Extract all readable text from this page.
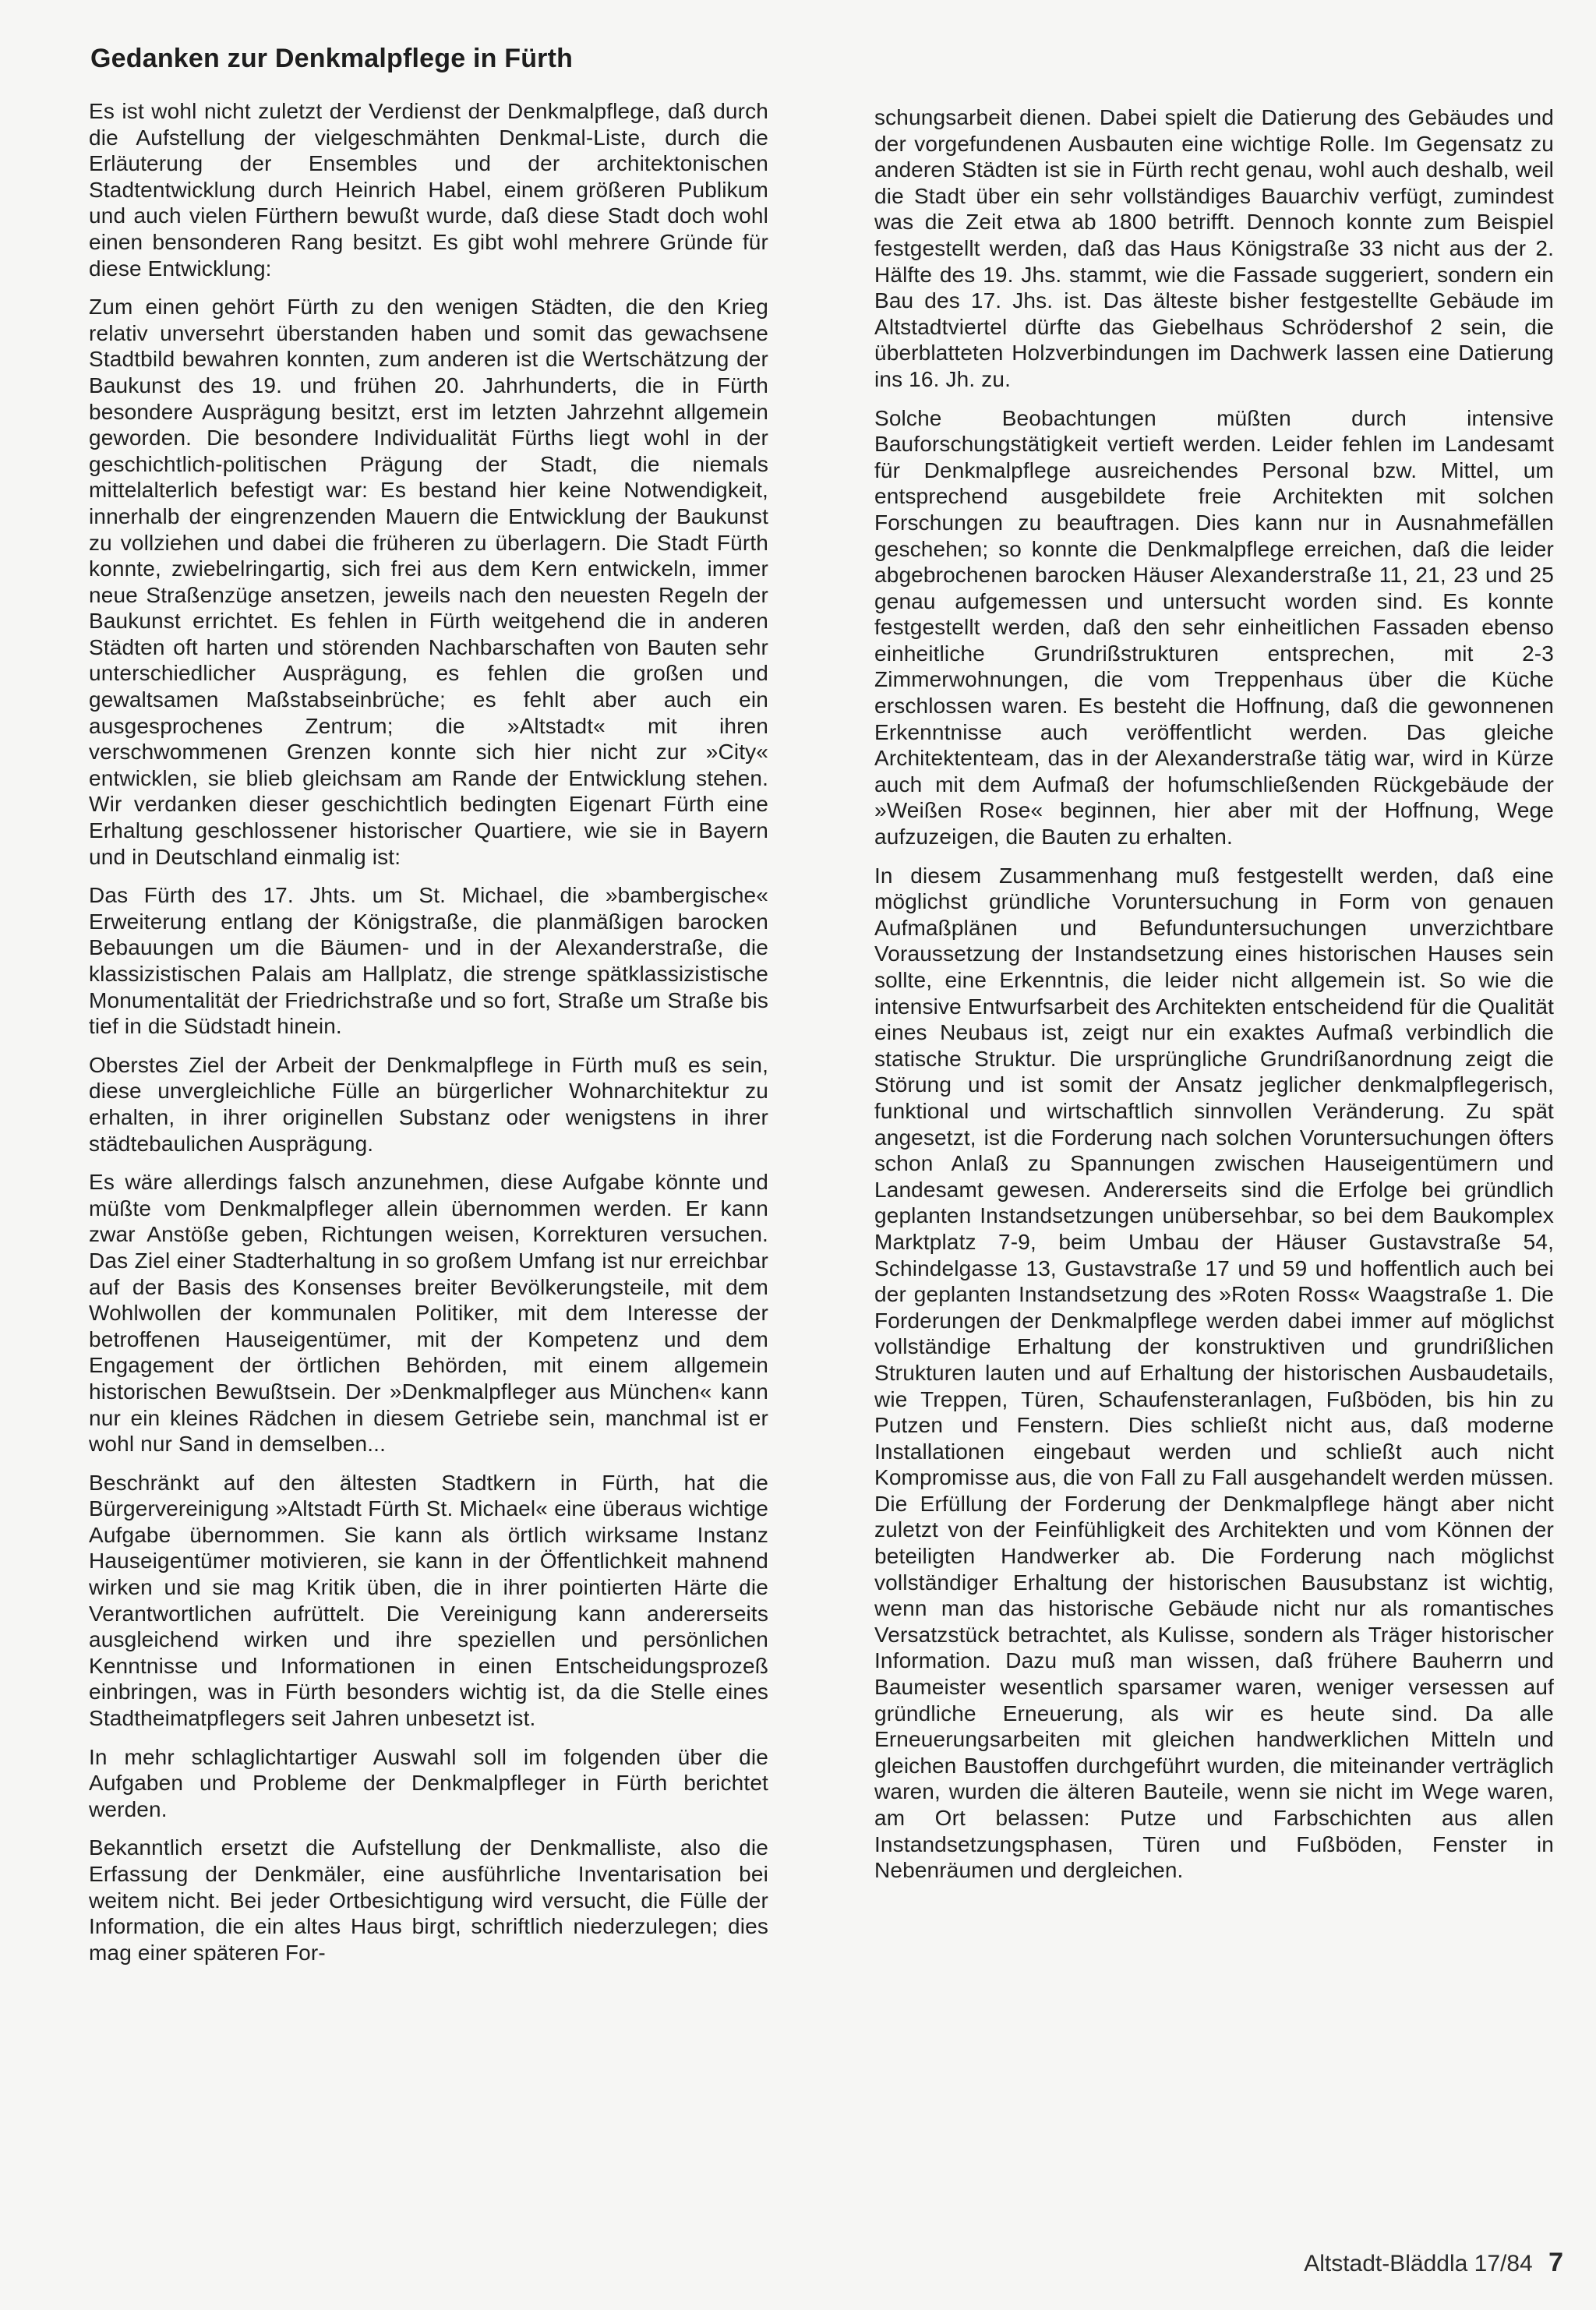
Gedanken zur Denkmalpflege in Fürth

Es ist wohl nicht zuletzt der Verdienst der Denkmalpflege, daß durch die Aufstellung der vielgeschmähten Denkmal-Liste, durch die Erläuterung der Ensembles und der architektonischen Stadtentwicklung durch Heinrich Habel, einem größeren Publikum und auch vielen Fürthern bewußt wurde, daß diese Stadt doch wohl einen bensonderen Rang besitzt. Es gibt wohl mehrere Gründe für diese Entwicklung:

Zum einen gehört Fürth zu den wenigen Städten, die den Krieg relativ unversehrt überstanden haben und somit das gewachsene Stadtbild bewahren konnten, zum anderen ist die Wertschätzung der Baukunst des 19. und frühen 20. Jahrhunderts, die in Fürth besondere Ausprägung besitzt, erst im letzten Jahrzehnt allgemein geworden. Die besondere Individualität Fürths liegt wohl in der geschichtlich-politischen Prägung der Stadt, die niemals mittelalterlich befestigt war: Es bestand hier keine Notwendigkeit, innerhalb der eingrenzenden Mauern die Entwicklung der Baukunst zu vollziehen und dabei die früheren zu überlagern. Die Stadt Fürth konnte, zwiebelringartig, sich frei aus dem Kern entwickeln, immer neue Straßenzüge ansetzen, jeweils nach den neuesten Regeln der Baukunst errichtet. Es fehlen in Fürth weitgehend die in anderen Städten oft harten und störenden Nachbarschaften von Bauten sehr unterschiedlicher Ausprägung, es fehlen die großen und gewaltsamen Maßstabseinbrüche; es fehlt aber auch ein ausgesprochenes Zentrum; die »Altstadt« mit ihren verschwommenen Grenzen konnte sich hier nicht zur »City« entwicklen, sie blieb gleichsam am Rande der Entwicklung stehen. Wir verdanken dieser geschichtlich bedingten Eigenart Fürth eine Erhaltung geschlossener historischer Quartiere, wie sie in Bayern und in Deutschland einmalig ist:

Das Fürth des 17. Jhts. um St. Michael, die »bambergische« Erweiterung entlang der Königstraße, die planmäßigen barocken Bebauungen um die Bäumen- und in der Alexanderstraße, die klassizistischen Palais am Hallplatz, die strenge spätklassizistische Monumentalität der Friedrichstraße und so fort, Straße um Straße bis tief in die Südstadt hinein.

Oberstes Ziel der Arbeit der Denkmalpflege in Fürth muß es sein, diese unvergleichliche Fülle an bürgerlicher Wohnarchitektur zu erhalten, in ihrer originellen Substanz oder wenigstens in ihrer städtebaulichen Ausprägung.

Es wäre allerdings falsch anzunehmen, diese Aufgabe könnte und müßte vom Denkmalpfleger allein übernommen werden. Er kann zwar Anstöße geben, Richtungen weisen, Korrekturen versuchen. Das Ziel einer Stadterhaltung in so großem Umfang ist nur erreichbar auf der Basis des Konsenses breiter Bevölkerungsteile, mit dem Wohlwollen der kommunalen Politiker, mit dem Interesse der betroffenen Hauseigentümer, mit der Kompetenz und dem Engagement der örtlichen Behörden, mit einem allgemein historischen Bewußtsein. Der »Denkmalpfleger aus München« kann nur ein kleines Rädchen in diesem Getriebe sein, manchmal ist er wohl nur Sand in demselben...

Beschränkt auf den ältesten Stadtkern in Fürth, hat die Bürgervereinigung »Altstadt Fürth St. Michael« eine überaus wichtige Aufgabe übernommen. Sie kann als örtlich wirksame Instanz Hauseigentümer motivieren, sie kann in der Öffentlichkeit mahnend wirken und sie mag Kritik üben, die in ihrer pointierten Härte die Verantwortlichen aufrüttelt. Die Vereinigung kann andererseits ausgleichend wirken und ihre speziellen und persönlichen Kenntnisse und Informationen in einen Entscheidungsprozeß einbringen, was in Fürth besonders wichtig ist, da die Stelle eines Stadtheimatpflegers seit Jahren unbesetzt ist.

In mehr schlaglichtartiger Auswahl soll im folgenden über die Aufgaben und Probleme der Denkmalpfleger in Fürth berichtet werden.

Bekanntlich ersetzt die Aufstellung der Denkmalliste, also die Erfassung der Denkmäler, eine ausführliche Inventarisation bei weitem nicht. Bei jeder Ortbesichtigung wird versucht, die Fülle der Information, die ein altes Haus birgt, schriftlich niederzulegen; dies mag einer späteren For-

schungsarbeit dienen. Dabei spielt die Datierung des Gebäudes und der vorgefundenen Ausbauten eine wichtige Rolle. Im Gegensatz zu anderen Städten ist sie in Fürth recht genau, wohl auch deshalb, weil die Stadt über ein sehr vollständiges Bauarchiv verfügt, zumindest was die Zeit etwa ab 1800 betrifft. Dennoch konnte zum Beispiel festgestellt werden, daß das Haus Königstraße 33 nicht aus der 2. Hälfte des 19. Jhs. stammt, wie die Fassade suggeriert, sondern ein Bau des 17. Jhs. ist. Das älteste bisher festgestellte Gebäude im Altstadtviertel dürfte das Giebelhaus Schrödershof 2 sein, die überblatteten Holzverbindungen im Dachwerk lassen eine Datierung ins 16. Jh. zu.

Solche Beobachtungen müßten durch intensive Bauforschungstätigkeit vertieft werden. Leider fehlen im Landesamt für Denkmalpflege ausreichendes Personal bzw. Mittel, um entsprechend ausgebildete freie Architekten mit solchen Forschungen zu beauftragen. Dies kann nur in Ausnahmefällen geschehen; so konnte die Denkmalpflege erreichen, daß die leider abgebrochenen barocken Häuser Alexanderstraße 11, 21, 23 und 25 genau aufgemessen und untersucht worden sind. Es konnte festgestellt werden, daß den sehr einheitlichen Fassaden ebenso einheitliche Grundrißstrukturen entsprechen, mit 2-3 Zimmerwohnungen, die vom Treppenhaus über die Küche erschlossen waren. Es besteht die Hoffnung, daß die gewonnenen Erkenntnisse auch veröffentlicht werden. Das gleiche Architektenteam, das in der Alexanderstraße tätig war, wird in Kürze auch mit dem Aufmaß der hofumschließenden Rückgebäude der »Weißen Rose« beginnen, hier aber mit der Hoffnung, Wege aufzuzeigen, die Bauten zu erhalten.

In diesem Zusammenhang muß festgestellt werden, daß eine möglichst gründliche Voruntersuchung in Form von genauen Aufmaßplänen und Befunduntersuchungen unverzichtbare Voraussetzung der Instandsetzung eines historischen Hauses sein sollte, eine Erkenntnis, die leider nicht allgemein ist. So wie die intensive Entwurfsarbeit des Architekten entscheidend für die Qualität eines Neubaus ist, zeigt nur ein exaktes Aufmaß verbindlich die statische Struktur. Die ursprüngliche Grundrißanordnung zeigt die Störung und ist somit der Ansatz jeglicher denkmalpflegerisch, funktional und wirtschaftlich sinnvollen Veränderung. Zu spät angesetzt, ist die Forderung nach solchen Voruntersuchungen öfters schon Anlaß zu Spannungen zwischen Hauseigentümern und Landesamt gewesen. Andererseits sind die Erfolge bei gründlich geplanten Instandsetzungen unübersehbar, so bei dem Baukomplex Marktplatz 7-9, beim Umbau der Häuser Gustavstraße 54, Schindelgasse 13, Gustavstraße 17 und 59 und hoffentlich auch bei der geplanten Instandsetzung des »Roten Ross« Waagstraße 1. Die Forderungen der Denkmalpflege werden dabei immer auf möglichst vollständige Erhaltung der konstruktiven und grundrißlichen Strukturen lauten und auf Erhaltung der historischen Ausbaudetails, wie Treppen, Türen, Schaufensteranlagen, Fußböden, bis hin zu Putzen und Fenstern. Dies schließt nicht aus, daß moderne Installationen eingebaut werden und schließt auch nicht Kompromisse aus, die von Fall zu Fall ausgehandelt werden müssen. Die Erfüllung der Forderung der Denkmalpflege hängt aber nicht zuletzt von der Feinfühligkeit des Architekten und vom Können der beteiligten Handwerker ab. Die Forderung nach möglichst vollständiger Erhaltung der historischen Bausubstanz ist wichtig, wenn man das historische Gebäude nicht nur als romantisches Versatzstück betrachtet, als Kulisse, sondern als Träger historischer Information. Dazu muß man wissen, daß frühere Bauherrn und Baumeister wesentlich sparsamer waren, weniger versessen auf gründliche Erneuerung, als wir es heute sind. Da alle Erneuerungsarbeiten mit gleichen handwerklichen Mitteln und gleichen Baustoffen durchgeführt wurden, die miteinander verträglich waren, wurden die älteren Bauteile, wenn sie nicht im Wege waren, am Ort belassen: Putze und Farbschichten aus allen Instandsetzungsphasen, Türen und Fußböden, Fenster in Nebenräumen und dergleichen.

Altstadt-Bläddla 17/84 7
